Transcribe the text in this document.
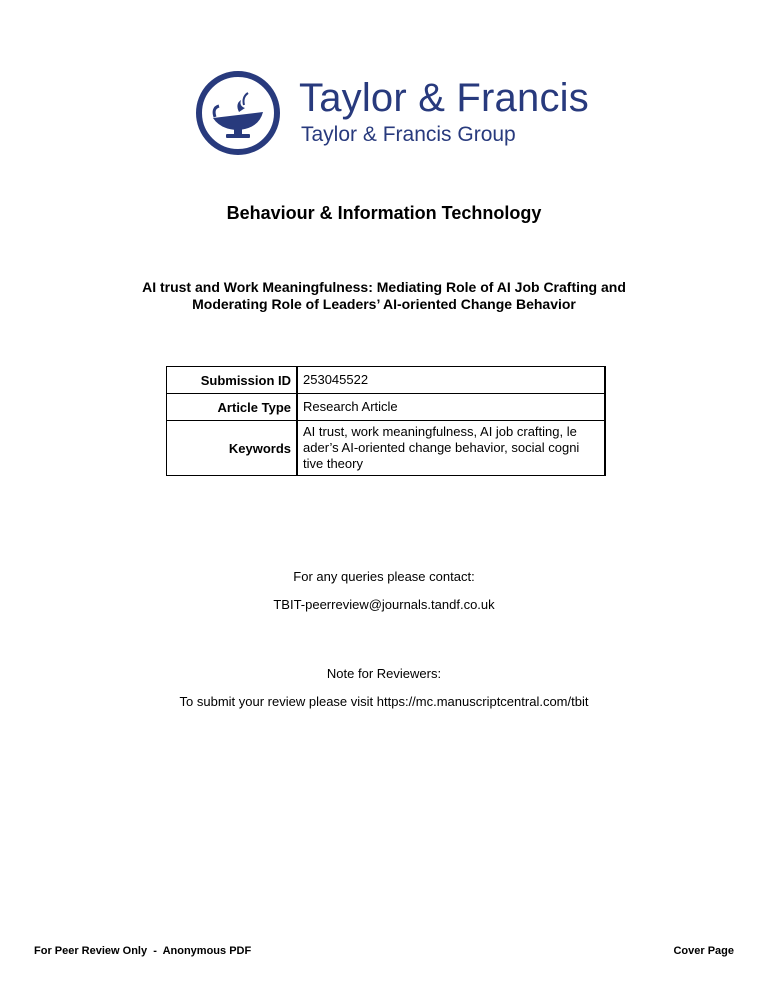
Taylor & Francis
Taylor & Francis Group
Behaviour & Information Technology
AI trust and Work Meaningfulness: Mediating Role of AI Job Crafting and
Moderating Role of Leaders’ AI-oriented Change Behavior
Submission ID	253045522
Article Type	Research Article
Keywords	AI trust, work meaningfulness, AI job crafting, le
ader’s AI-oriented change behavior, social cogni
tive theory
For any queries please contact:
TBIT-peerreview@journals.tandf.co.uk
Note for Reviewers:
To submit your review please visit https://mc.manuscriptcentral.com/tbit
For Peer Review Only  -  Anonymous PDF	Cover Page
